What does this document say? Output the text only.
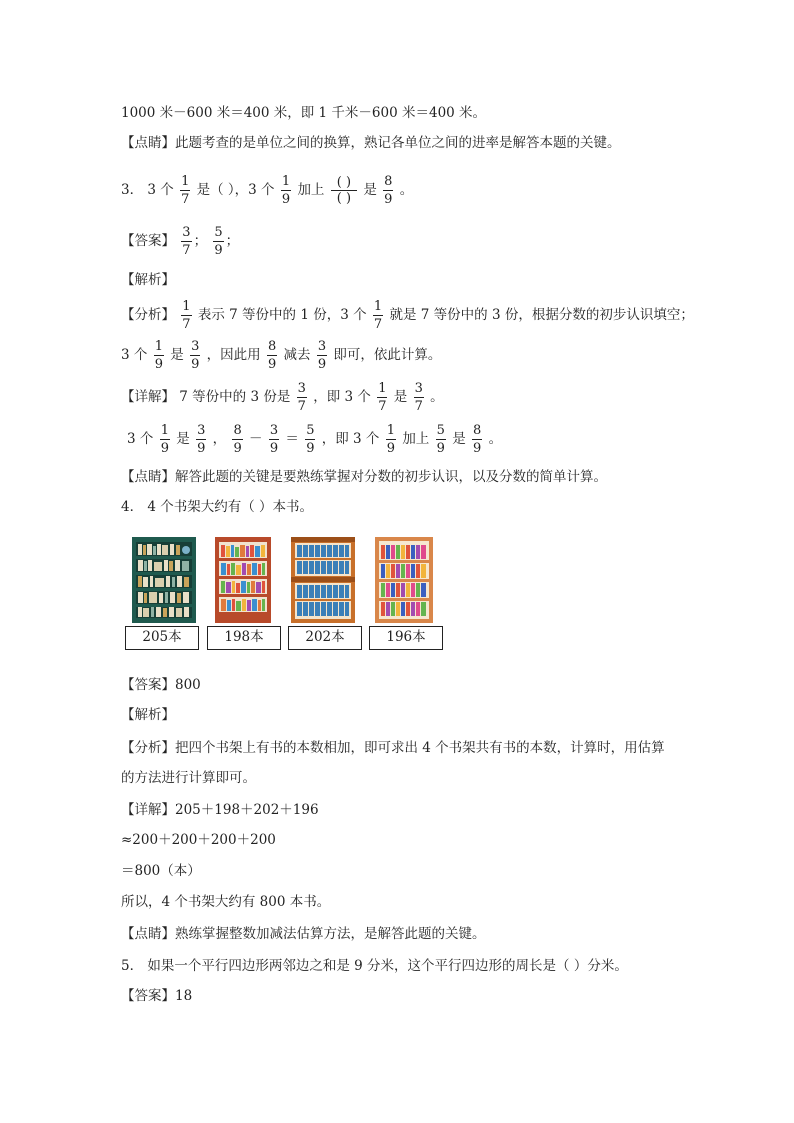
1000 米－600 米＝400 米，即 1 千米－600 米＝400 米。
【点睛】此题考查的是单位之间的换算，熟记各单位之间的进率是解答本题的关键。
3． 3 个 $\frac{1}{7}$ 是（ ），3 个 $\frac{1}{9}$ 加上 $\frac{( )}{( )}$ 是 $\frac{8}{9}$ 。
【答案】 $\frac{3}{7}$ ； $\frac{5}{9}$ ；
【解析】
【分析】 $\frac{1}{7}$ 表示 7 等份中的 1 份，3 个 $\frac{1}{7}$ 就是 7 等份中的 3 份，根据分数的初步认识填空；
3 个 $\frac{1}{9}$ 是 $\frac{3}{9}$ ，因此用 $\frac{8}{9}$ 减去 $\frac{3}{9}$ 即可，依此计算。
【详解】 7 等份中的 3 份是 $\frac{3}{7}$ ，即 3 个 $\frac{1}{7}$ 是 $\frac{3}{7}$ 。
3 个 $\frac{1}{9}$ 是 $\frac{3}{9}$ ， $\frac{8}{9} - \frac{3}{9} = \frac{5}{9}$ ，即 3 个 $\frac{1}{9}$ 加上 $\frac{5}{9}$ 是 $\frac{8}{9}$ 。
【点睛】解答此题的关键是要熟练掌握对分数的初步认识，以及分数的简单计算。
4． 4 个书架大约有（ ）本书。
205本	198本	202本	196本
【答案】800
【解析】
【分析】把四个书架上有书的本数相加，即可求出 4 个书架共有书的本数，计算时，用估算
的方法进行计算即可。
【详解】205＋198＋202＋196
≈200＋200＋200＋200
＝800（本）
所以，4 个书架大约有 800 本书。
【点睛】熟练掌握整数加减法估算方法，是解答此题的关键。
5． 如果一个平行四边形两邻边之和是 9 分米，这个平行四边形的周长是（ ）分米。
【答案】18
